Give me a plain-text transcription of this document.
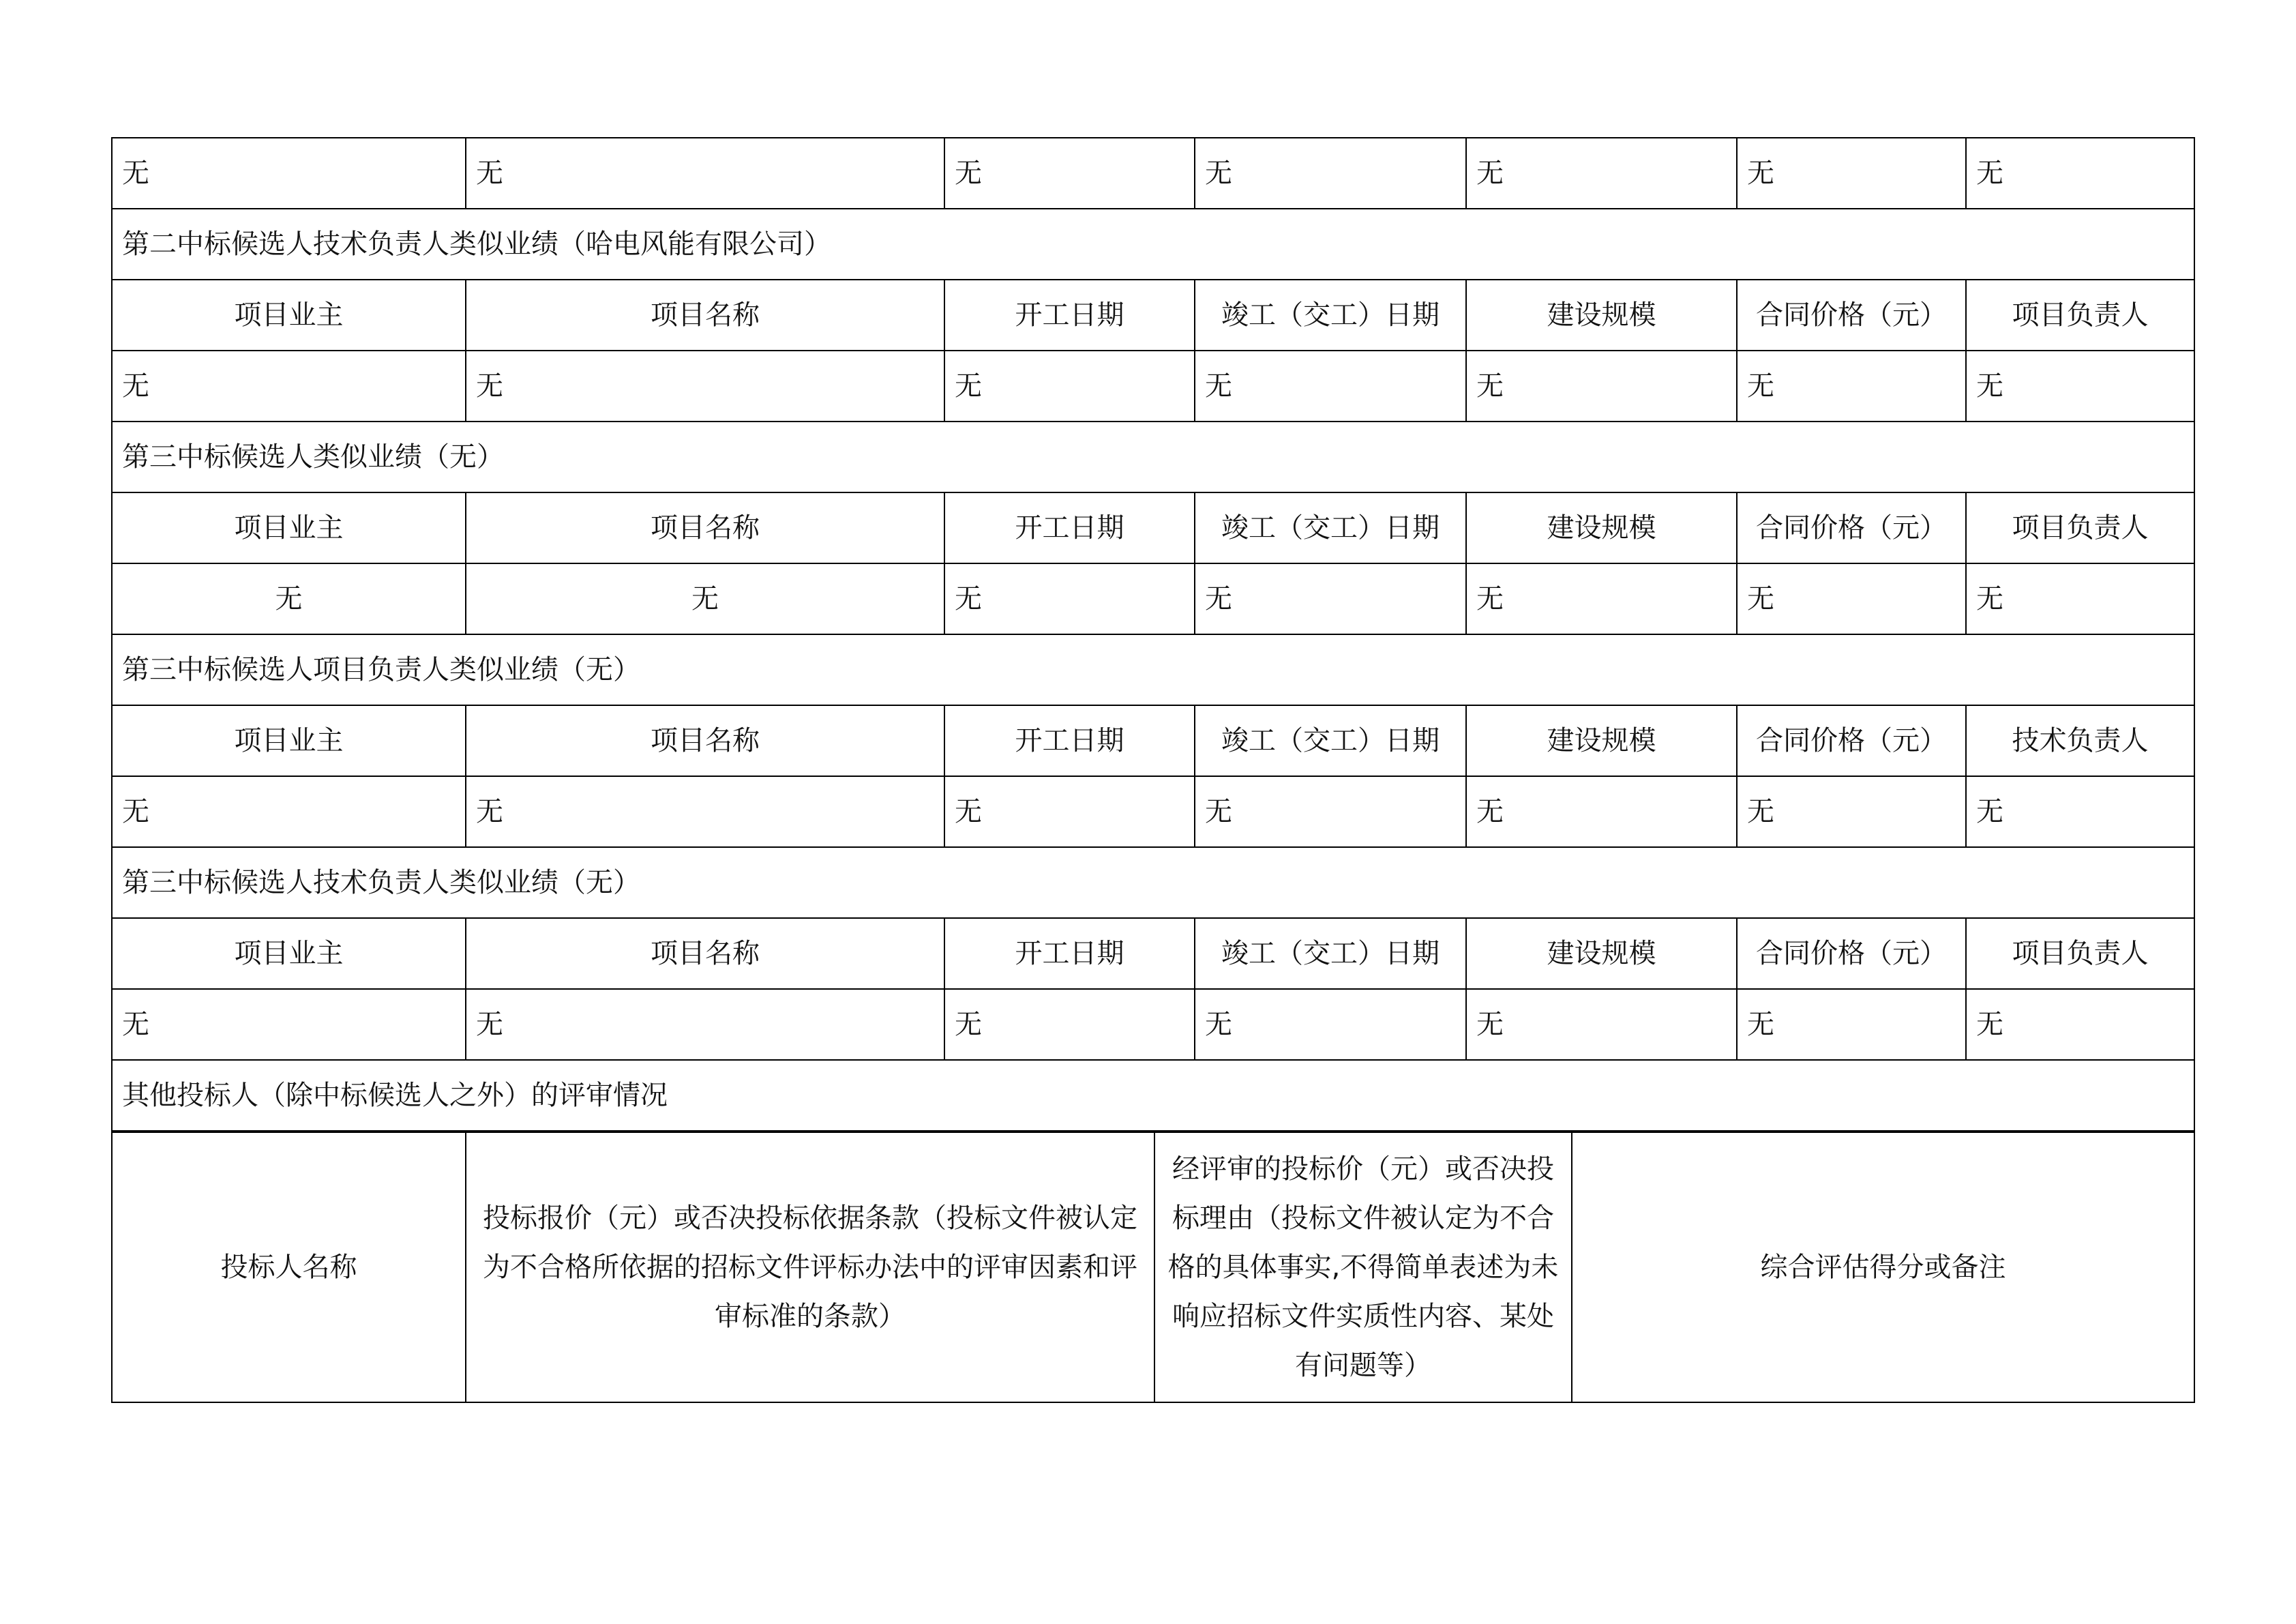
无	无	无	无	无	无	无
第二中标候选人技术负责人类似业绩（哈电风能有限公司）						
项目业主	项目名称	开工日期	竣工（交工）日期	建设规模	合同价格（元）	项目负责人
无	无	无	无	无	无	无
第三中标候选人类似业绩（无）						
项目业主	项目名称	开工日期	竣工（交工）日期	建设规模	合同价格（元）	项目负责人
无	无	无	无	无	无	无
第三中标候选人项目负责人类似业绩（无）						
项目业主	项目名称	开工日期	竣工（交工）日期	建设规模	合同价格（元）	技术负责人
无	无	无	无	无	无	无
第三中标候选人技术负责人类似业绩（无）						
项目业主	项目名称	开工日期	竣工（交工）日期	建设规模	合同价格（元）	项目负责人
无	无	无	无	无	无	无
其他投标人（除中标候选人之外）的评审情况						
投标人名称	投标报价（元）或否决投标依据条款（投标文件被认定为不合格所依据的招标文件评标办法中的评审因素和评审标准的条款）	经评审的投标价（元）或否决投标理由（投标文件被认定为不合格的具体事实,不得简单表述为未响应招标文件实质性内容、某处有问题等）	综合评估得分或备注
